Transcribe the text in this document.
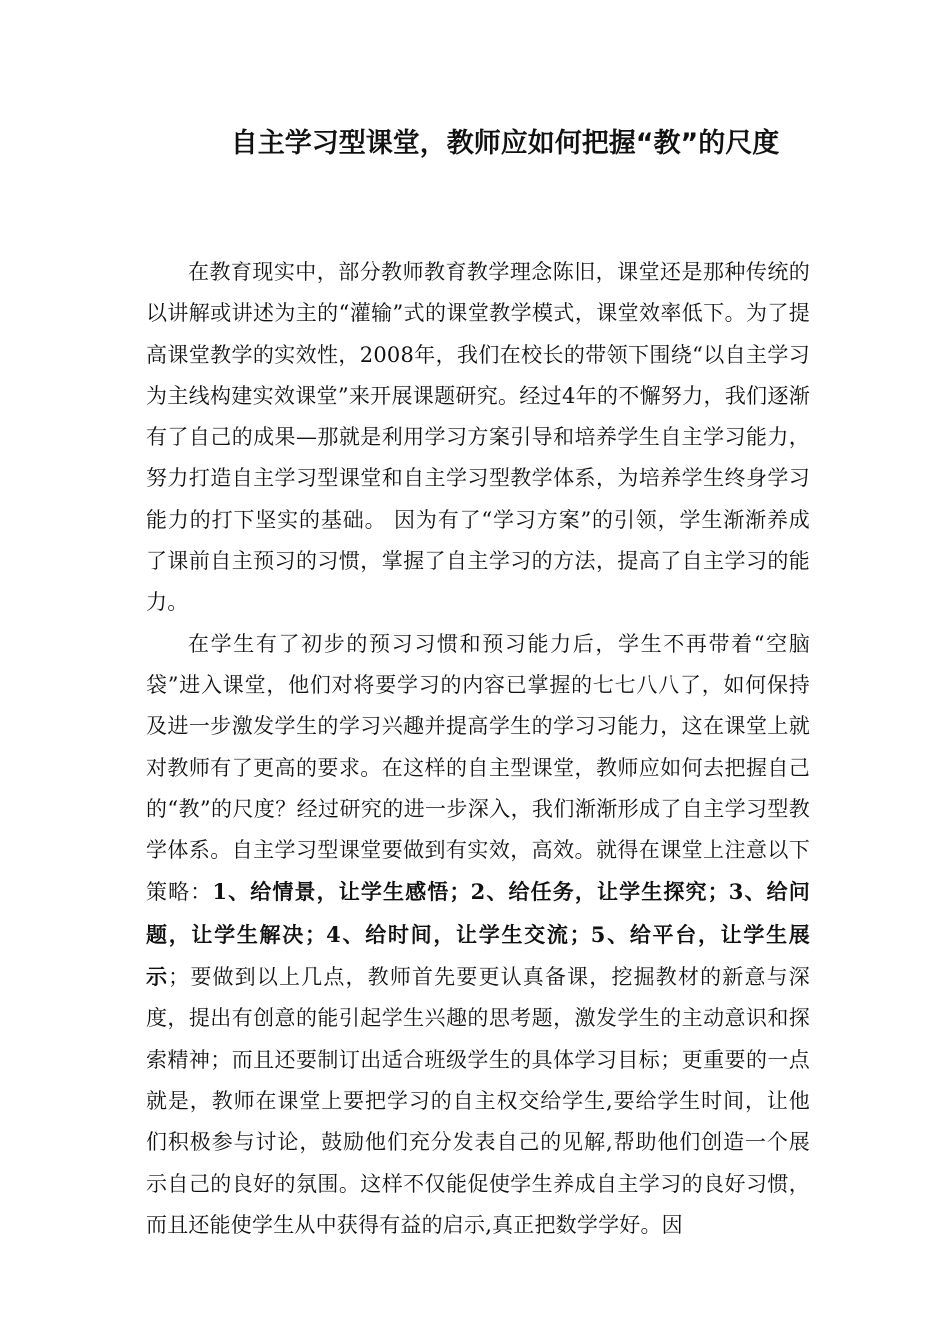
自主学习型课堂，教师应如何把握“教”的尺度

在教育现实中，部分教师教育教学理念陈旧，课堂还是那种传统的以讲解或讲述为主的“灌输”式的课堂教学模式，课堂效率低下。为了提高课堂教学的实效性，2008年，我们在校长的带领下围绕“以自主学习为主线构建实效课堂”来开展课题研究。经过4年的不懈努力，我们逐渐有了自己的成果—那就是利用学习方案引导和培养学生自主学习能力，努力打造自主学习型课堂和自主学习型教学体系，为培养学生终身学习能力的打下坚实的基础。 因为有了“学习方案”的引领，学生渐渐养成了课前自主预习的习惯，掌握了自主学习的方法，提高了自主学习的能力。

在学生有了初步的预习习惯和预习能力后，学生不再带着“空脑袋”进入课堂，他们对将要学习的内容已掌握的七七八八了，如何保持及进一步激发学生的学习兴趣并提高学生的学习习能力，这在课堂上就对教师有了更高的要求。在这样的自主型课堂，教师应如何去把握自己的“教”的尺度？经过研究的进一步深入，我们渐渐形成了自主学习型教学体系。自主学习型课堂要做到有实效，高效。就得在课堂上注意以下策略：1、给情景，让学生感悟；2、给任务，让学生探究；3、给问题，让学生解决；4、给时间，让学生交流；5、给平台，让学生展示；要做到以上几点，教师首先要更认真备课，挖掘教材的新意与深度，提出有创意的能引起学生兴趣的思考题，激发学生的主动意识和探索精神；而且还要制订出适合班级学生的具体学习目标；更重要的一点就是，教师在课堂上要把学习的自主权交给学生,要给学生时间，让他们积极参与讨论，鼓励他们充分发表自己的见解,帮助他们创造一个展示自己的良好的氛围。这样不仅能促使学生养成自主学习的良好习惯，而且还能使学生从中获得有益的启示,真正把数学学好。因
